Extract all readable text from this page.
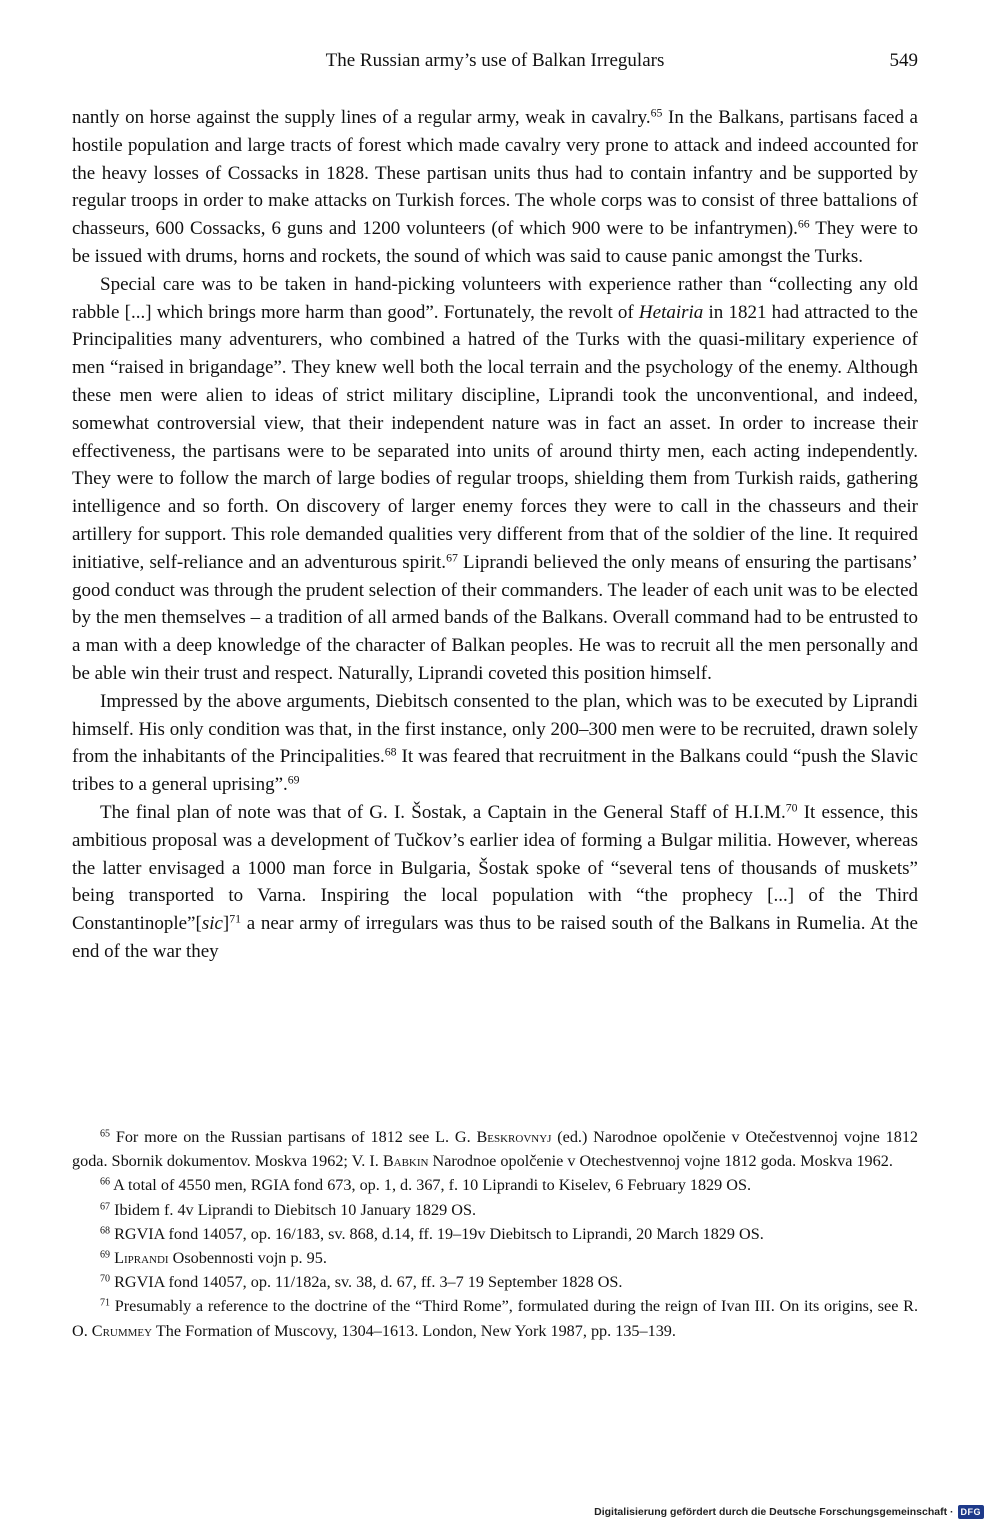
The Russian army’s use of Balkan Irregulars	549

nantly on horse against the supply lines of a regular army, weak in cavalry.$^{65}$ In the Balkans, partisans faced a hostile population and large tracts of forest which made cavalry very prone to attack and indeed accounted for the heavy losses of Cossacks in 1828. These partisan units thus had to contain infantry and be supported by regular troops in order to make attacks on Turkish forces. The whole corps was to consist of three battalions of chasseurs, 600 Cossacks, 6 guns and 1200 volunteers (of which 900 were to be infantrymen).$^{66}$ They were to be issued with drums, horns and rockets, the sound of which was said to cause panic amongst the Turks.

Special care was to be taken in hand-picking volunteers with experience rather than “collecting any old rabble [...] which brings more harm than good”. Fortunately, the revolt of Hetairia in 1821 had attracted to the Principalities many adventurers, who combined a hatred of the Turks with the quasi-military experience of men “raised in brigandage”. They knew well both the local terrain and the psychology of the enemy. Although these men were alien to ideas of strict military discipline, Liprandi took the unconventional, and indeed, somewhat controversial view, that their independent nature was in fact an asset. In order to increase their effectiveness, the partisans were to be separated into units of around thirty men, each acting independently. They were to follow the march of large bodies of regular troops, shielding them from Turkish raids, gathering intelligence and so forth. On discovery of larger enemy forces they were to call in the chasseurs and their artillery for support. This role demanded qualities very different from that of the soldier of the line. It required initiative, self-reliance and an adventurous spirit.$^{67}$ Liprandi believed the only means of ensuring the partisans’ good conduct was through the prudent selection of their commanders. The leader of each unit was to be elected by the men themselves – a tradition of all armed bands of the Balkans. Overall command had to be entrusted to a man with a deep knowledge of the character of Balkan peoples. He was to recruit all the men personally and be able win their trust and respect. Naturally, Liprandi coveted this position himself.

Impressed by the above arguments, Diebitsch consented to the plan, which was to be executed by Liprandi himself. His only condition was that, in the first instance, only 200–300 men were to be recruited, drawn solely from the inhabitants of the Principalities.$^{68}$ It was feared that recruitment in the Balkans could “push the Slavic tribes to a general uprising”.$^{69}$

The final plan of note was that of G. I. Šostak, a Captain in the General Staff of H.I.M.$^{70}$ It essence, this ambitious proposal was a development of Tučkov’s earlier idea of forming a Bulgar militia. However, whereas the latter envisaged a 1000 man force in Bulgaria, Šostak spoke of “several tens of thousands of muskets” being transported to Varna. Inspiring the local population with “the prophecy [...] of the Third Constantinople”[sic]$^{71}$ a near army of irregulars was thus to be raised south of the Balkans in Rumelia. At the end of the war they

$^{65}$ For more on the Russian partisans of 1812 see L. G. Beskrovnyj (ed.) Narodnoe opolčenie v Otečestvennoj vojne 1812 goda. Sbornik dokumentov. Moskva 1962; V. I. Babkin Narodnoe opolčenie v Otechestvennoj vojne 1812 goda. Moskva 1962.

$^{66}$ A total of 4550 men, RGIA fond 673, op. 1, d. 367, f. 10 Liprandi to Kiselev, 6 February 1829 OS.

$^{67}$ Ibidem f. 4v Liprandi to Diebitsch 10 January 1829 OS.

$^{68}$ RGVIA fond 14057, op. 16/183, sv. 868, d.14, ff. 19–19v Diebitsch to Liprandi, 20 March 1829 OS.

$^{69}$ Liprandi Osobennosti vojn p. 95.

$^{70}$ RGVIA fond 14057, op. 11/182a, sv. 38, d. 67, ff. 3–7 19 September 1828 OS.

$^{71}$ Presumably a reference to the doctrine of the “Third Rome”, formulated during the reign of Ivan III. On its origins, see R. O. Crummey The Formation of Muscovy, 1304–1613. London, New York 1987, pp. 135–139.

Digitalisierung gefördert durch die Deutsche Forschungsgemeinschaft · DFG
